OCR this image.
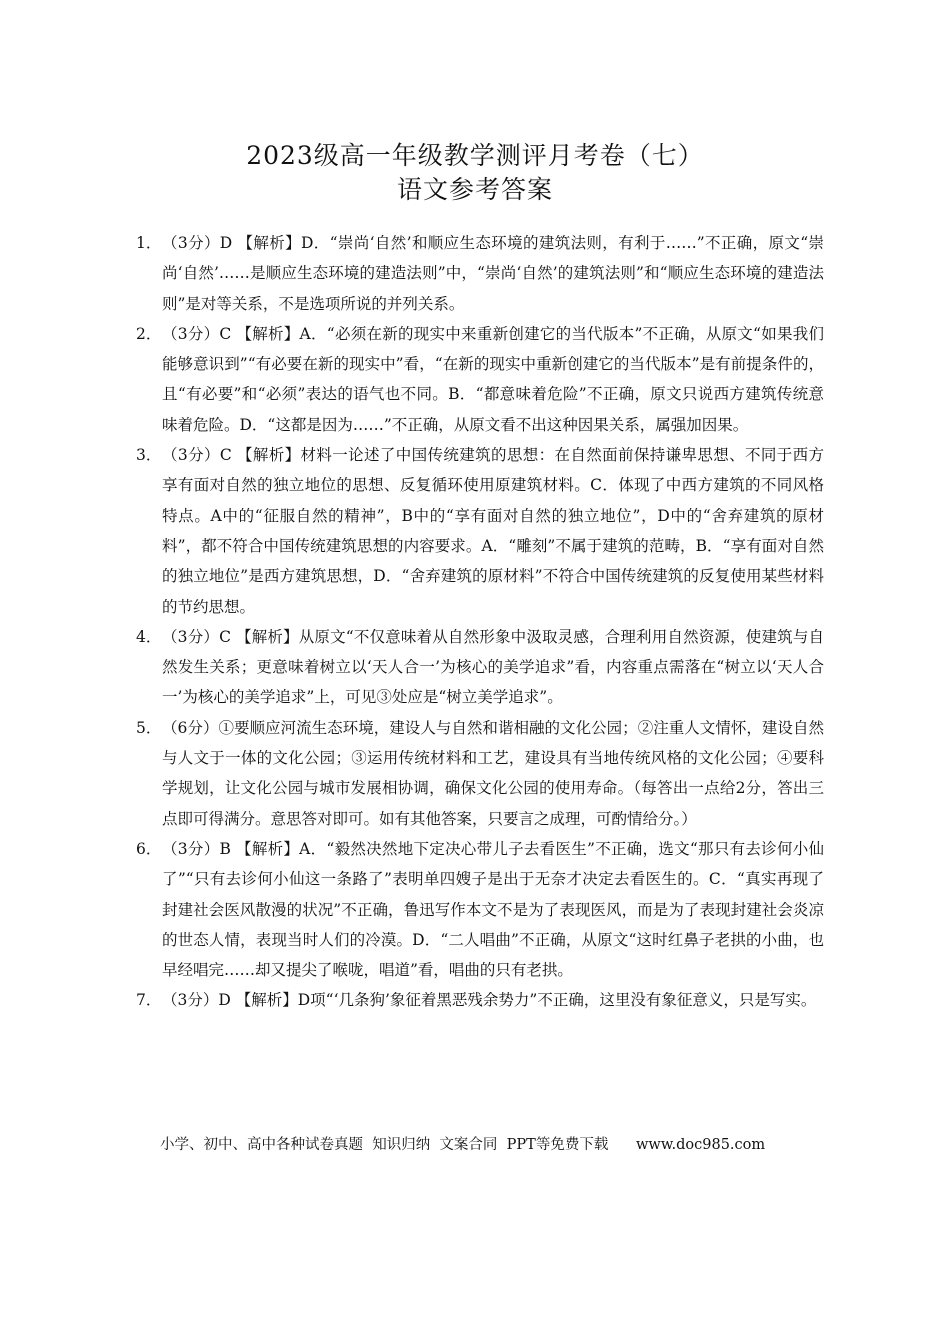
2023级高一年级教学测评月考卷（七）
语文参考答案
1． （3分）D 【解析】D．“崇尚‘自然’和顺应生态环境的建筑法则，有利于……”不正确，原文“崇尚‘自然’……是顺应生态环境的建造法则”中，“崇尚‘自然’的建筑法则”和“顺应生态环境的建造法则”是对等关系，不是选项所说的并列关系。
2． （3分）C 【解析】A．“必须在新的现实中来重新创建它的当代版本”不正确，从原文“如果我们能够意识到”“有必要在新的现实中”看，“在新的现实中重新创建它的当代版本”是有前提条件的，且“有必要”和“必须”表达的语气也不同。B．“都意味着危险”不正确，原文只说西方建筑传统意味着危险。D．“这都是因为……”不正确，从原文看不出这种因果关系，属强加因果。
3． （3分）C 【解析】材料一论述了中国传统建筑的思想：在自然面前保持谦卑思想、不同于西方享有面对自然的独立地位的思想、反复循环使用原建筑材料。C．体现了中西方建筑的不同风格特点。A中的“征服自然的精神”，B中的“享有面对自然的独立地位”，D中的“舍弃建筑的原材料”，都不符合中国传统建筑思想的内容要求。A．“雕刻”不属于建筑的范畴，B．“享有面对自然的独立地位”是西方建筑思想，D．“舍弃建筑的原材料”不符合中国传统建筑的反复使用某些材料的节约思想。
4． （3分）C 【解析】从原文“不仅意味着从自然形象中汲取灵感，合理利用自然资源，使建筑与自然发生关系；更意味着树立以‘天人合一’为核心的美学追求”看，内容重点需落在“树立以‘天人合一’为核心的美学追求”上，可见③处应是“树立美学追求”。
5． （6分）①要顺应河流生态环境，建设人与自然和谐相融的文化公园；②注重人文情怀，建设自然与人文于一体的文化公园；③运用传统材料和工艺，建设具有当地传统风格的文化公园；④要科学规划，让文化公园与城市发展相协调，确保文化公园的使用寿命。（每答出一点给2分，答出三点即可得满分。意思答对即可。如有其他答案，只要言之成理，可酌情给分。）
6． （3分）B 【解析】A．“毅然决然地下定决心带儿子去看医生”不正确，选文“那只有去诊何小仙了”“只有去诊何小仙这一条路了”表明单四嫂子是出于无奈才决定去看医生的。C．“真实再现了封建社会医风散漫的状况”不正确，鲁迅写作本文不是为了表现医风，而是为了表现封建社会炎凉的世态人情，表现当时人们的冷漠。D．“二人唱曲”不正确，从原文“这时红鼻子老拱的小曲，也早经唱完……却又提尖了喉咙，唱道”看，唱曲的只有老拱。
7． （3分）D 【解析】D项“‘几条狗’象征着黑恶残余势力”不正确，这里没有象征意义，只是写实。
小学、初中、高中各种试卷真题  知识归纳  文案合同  PPT等免费下载      www.doc985.com
